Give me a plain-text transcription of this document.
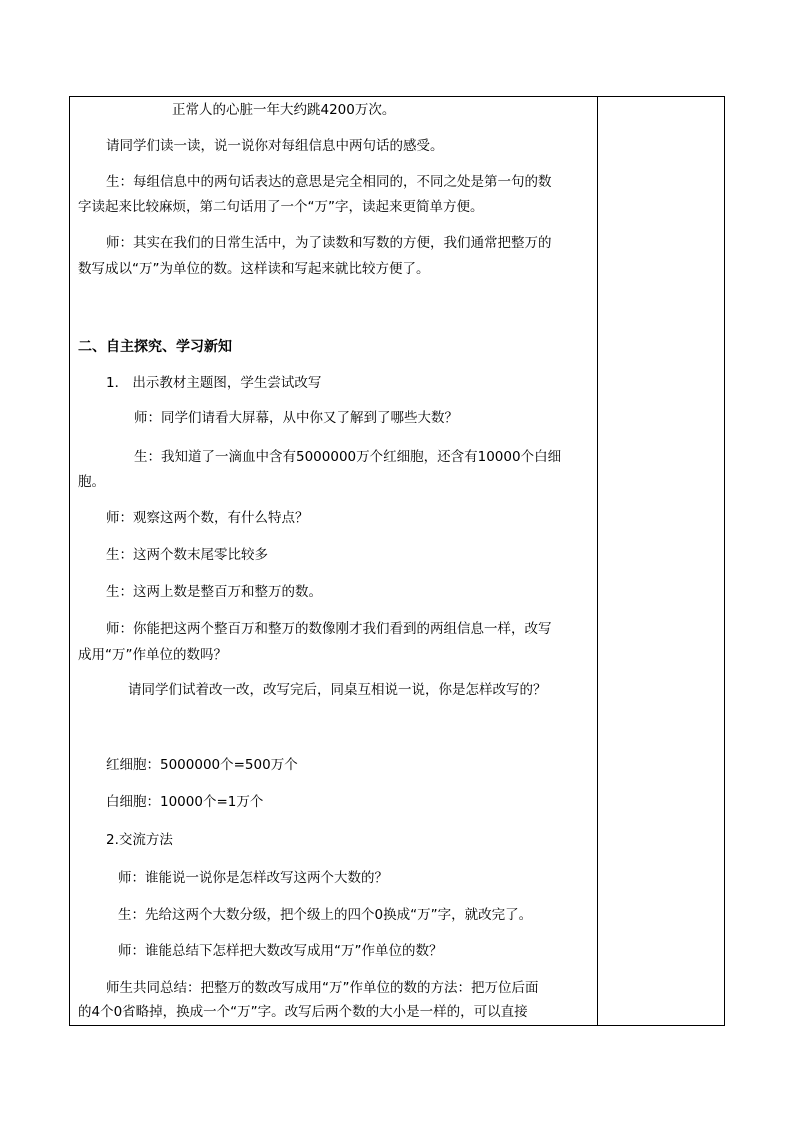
正常人的心脏一年大约跳4200万次。
请同学们读一读，说一说你对每组信息中两句话的感受。
生：每组信息中的两句话表达的意思是完全相同的，不同之处是第一句的数
字读起来比较麻烦，第二句话用了一个“万”字，读起来更简单方便。
师：其实在我们的日常生活中，为了读数和写数的方便，我们通常把整万的
数写成以“万”为单位的数。这样读和写起来就比较方便了。
二、自主探究、学习新知
1． 出示教材主题图，学生尝试改写
师：同学们请看大屏幕，从中你又了解到了哪些大数？
生：我知道了一滴血中含有5000000万个红细胞，还含有10000个白细
胞。
师：观察这两个数，有什么特点？
生：这两个数末尾零比较多
生：这两上数是整百万和整万的数。
师：你能把这两个整百万和整万的数像刚才我们看到的两组信息一样，改写
成用“万”作单位的数吗？
请同学们试着改一改，改写完后，同桌互相说一说，你是怎样改写的？
红细胞：5000000个=500万个
白细胞：10000个=1万个
2.交流方法
师：谁能说一说你是怎样改写这两个大数的？
生：先给这两个大数分级，把个级上的四个0换成“万”字，就改完了。
师：谁能总结下怎样把大数改写成用“万”作单位的数？
师生共同总结：把整万的数改写成用“万”作单位的数的方法：把万位后面
的4个0省略掉，换成一个“万”字。改写后两个数的大小是一样的，可以直接
